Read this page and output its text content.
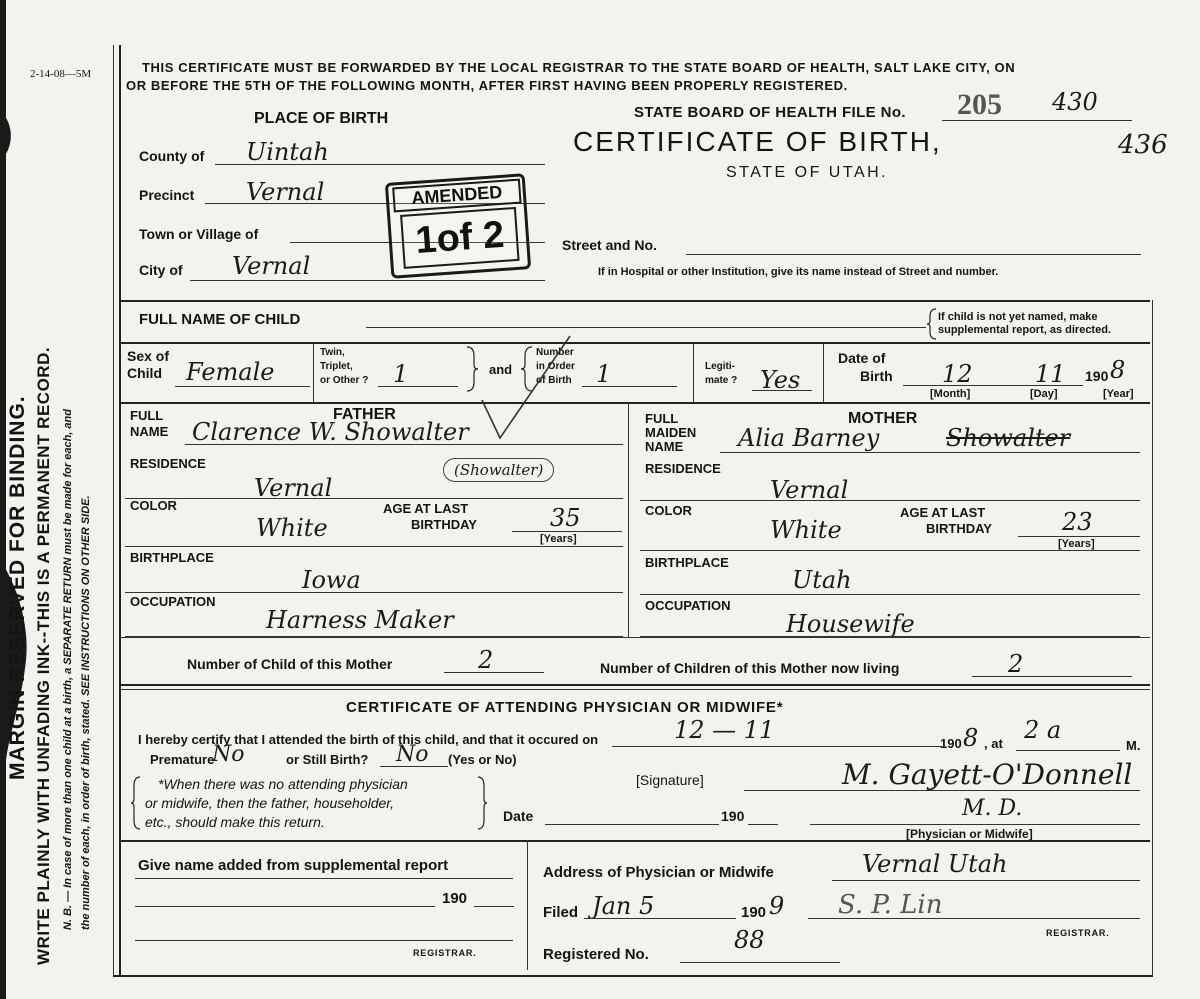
2-14-08—5M
MARGIN RESERVED FOR BINDING. WRITE PLAINLY WITH UNFADING INK--THIS IS A PERMANENT RECORD. N. B. — In case of more than one child at a birth, a SEPARATE RETURN must be made for each, and the number of each, in order of birth, stated. SEE INSTRUCTIONS ON OTHER SIDE.
THIS CERTIFICATE MUST BE FORWARDED BY THE LOCAL REGISTRAR TO THE STATE BOARD OF HEALTH, SALT LAKE CITY, ON
OR BEFORE THE 5TH OF THE FOLLOWING MONTH, AFTER FIRST HAVING BEEN PROPERLY REGISTERED.
STATE BOARD OF HEALTH FILE No. 205 430
CERTIFICATE OF BIRTH,	436
STATE OF UTAH.
PLACE OF BIRTH
County of Uintah
Precinct Vernal
Town or Village of
City of Vernal
Street and No.
If in Hospital or other Institution, give its name instead of Street and number.
AMENDED
1of 2
FULL NAME OF CHILD	If child is not yet named, make
supplemental report, as directed.
Sex of
Child Female
Twin,
Triplet,
or Other ? 1	and
Number
in Order
of Birth 1	Legiti-
mate ? Yes
Date of
Birth 12	11 190 8
[Month]	[Day]	[Year]
FATHER
FULL
NAME Clarence W. Showalter
RESIDENCE
Vernal
(Showalter)
COLOR
White
AGE AT LAST
BIRTHDAY	35
[Years]
BIRTHPLACE
Iowa
OCCUPATION
Harness Maker
MOTHER
FULL
MAIDEN
NAME Alia Barney	Showalter
RESIDENCE
Vernal
COLOR
White
AGE AT LAST
BIRTHDAY	23
[Years]
BIRTHPLACE
Utah
OCCUPATION
Housewife
Number of Child of this Mother	2	Number of Children of this Mother now living	2
CERTIFICATE OF ATTENDING PHYSICIAN OR MIDWIFE*
I hereby certify that I attended the birth of this child, and that it occured on	12 — 11	190 8 , at 2 a
M.
Premature
No	or Still Birth? No (Yes or No)
*When there was no attending physician
or midwife, then the father, householder,
etc., should make this return.
[Signature]	M. Gayett-O'Donnell
M. D.
Date	190
[Physician or Midwife]
Give name added from supplemental report
190
REGISTRAR.
Address of Physician or Midwife	Vernal Utah
Filed Jan 5	190 9 S. P. Lin
REGISTRAR.
Registered No.
88
